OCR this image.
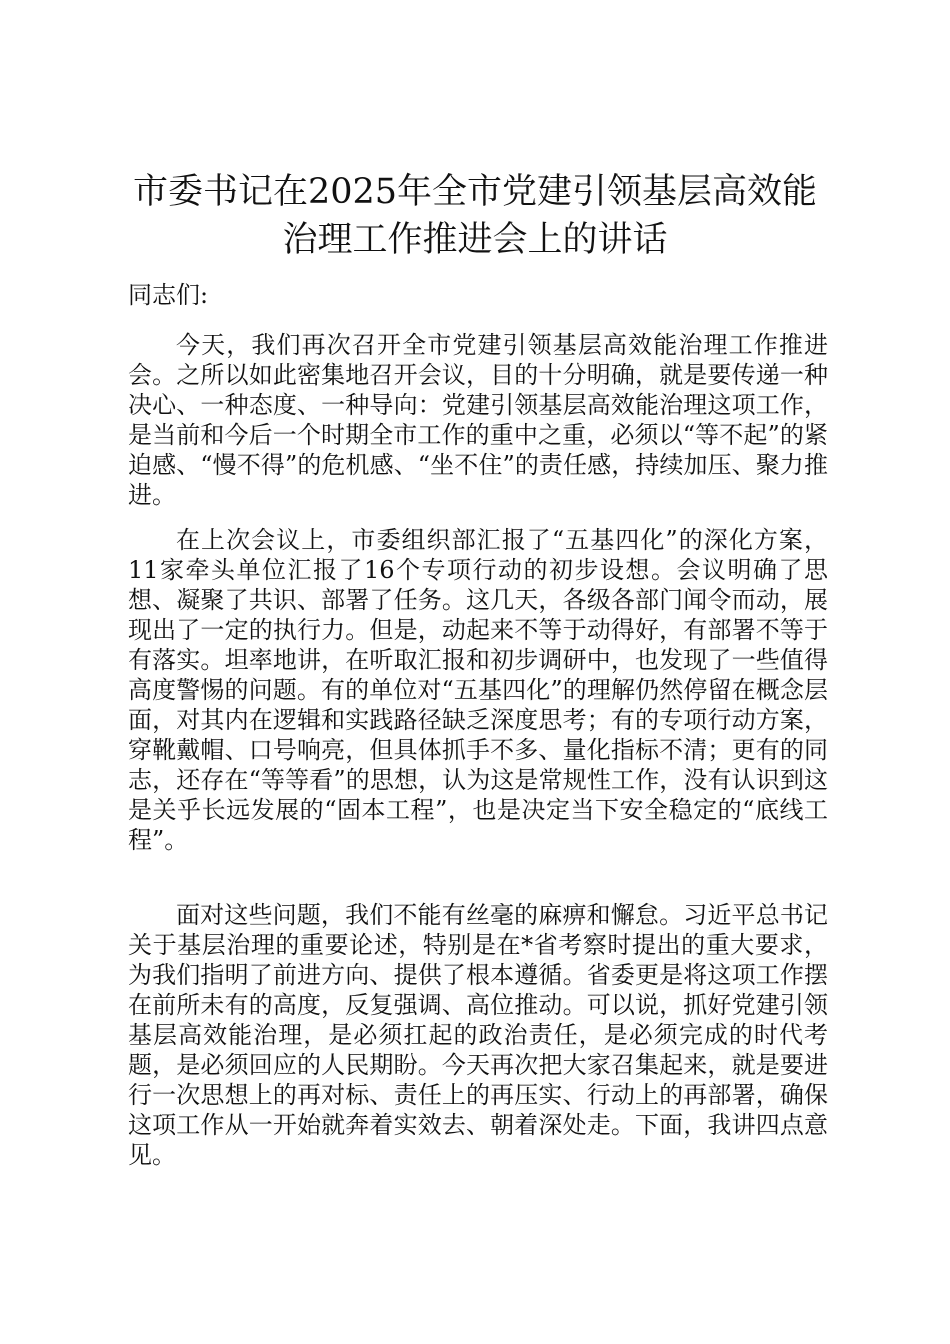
市委书记在2025年全市党建引领基层高效能
治理工作推进会上的讲话
同志们:

今天，我们再次召开全市党建引领基层高效能治理工作推进会。之所以如此密集地召开会议，目的十分明确，就是要传递一种决心、一种态度、一种导向：党建引领基层高效能治理这项工作，是当前和今后一个时期全市工作的重中之重，必须以“等不起”的紧迫感、“慢不得”的危机感、“坐不住”的责任感，持续加压、聚力推进。

在上次会议上，市委组织部汇报了“五基四化”的深化方案，11家牵头单位汇报了16个专项行动的初步设想。会议明确了思想、凝聚了共识、部署了任务。这几天，各级各部门闻令而动，展现出了一定的执行力。但是，动起来不等于动得好，有部署不等于有落实。坦率地讲，在听取汇报和初步调研中，也发现了一些值得高度警惕的问题。有的单位对“五基四化”的理解仍然停留在概念层面，对其内在逻辑和实践路径缺乏深度思考；有的专项行动方案，穿靴戴帽、口号响亮，但具体抓手不多、量化指标不清；更有的同志，还存在“等等看”的思想，认为这是常规性工作，没有认识到这是关乎长远发展的“固本工程”，也是决定当下安全稳定的“底线工程”。

面对这些问题，我们不能有丝毫的麻痹和懈怠。习近平总书记关于基层治理的重要论述，特别是在*省考察时提出的重大要求，为我们指明了前进方向、提供了根本遵循。省委更是将这项工作摆在前所未有的高度，反复强调、高位推动。可以说，抓好党建引领基层高效能治理，是必须扛起的政治责任，是必须完成的时代考题，是必须回应的人民期盼。今天再次把大家召集起来，就是要进行一次思想上的再对标、责任上的再压实、行动上的再部署，确保这项工作从一开始就奔着实效去、朝着深处走。下面，我讲四点意见。
